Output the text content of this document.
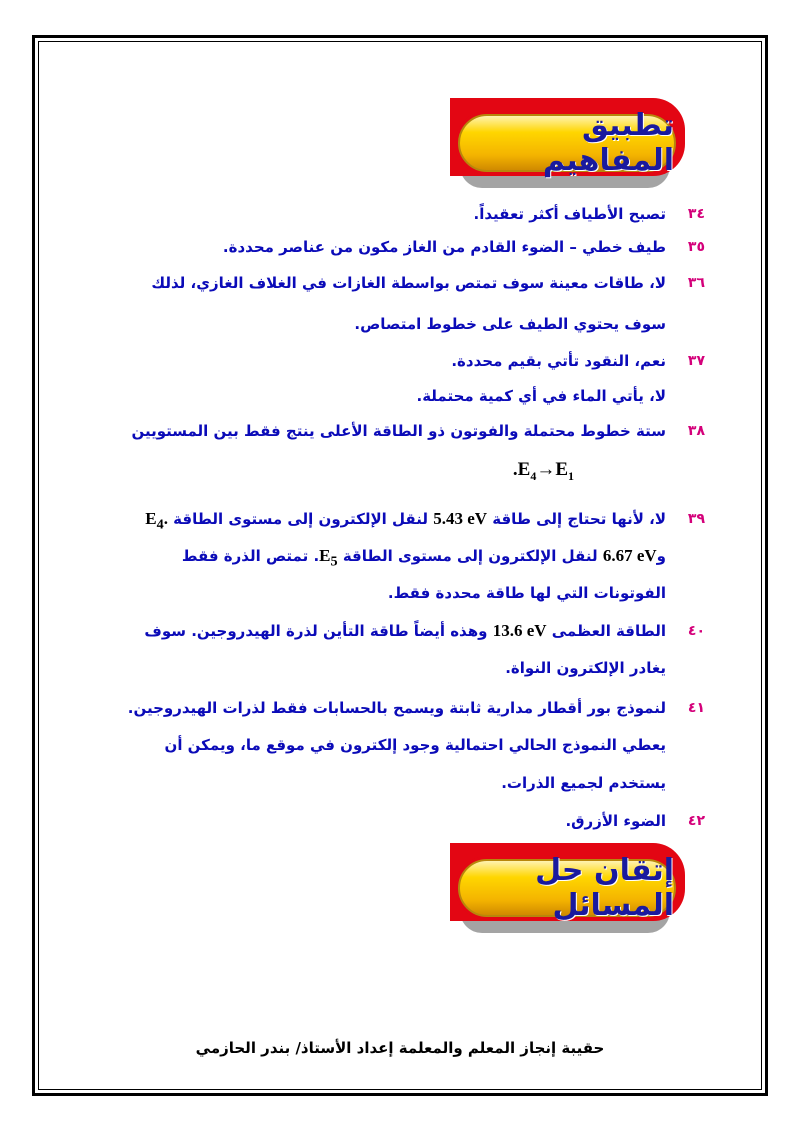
تطبيق المفاهيم
٣٤
تصبح الأطياف أكثر تعقيداً.
٣٥
طيف خطي – الضوء القادم من الغاز مكون من عناصر محددة.
٣٦
لا، طاقات معينة سوف تمتص بواسطة الغازات في الغلاف الغازي، لذلك
سوف يحتوي الطيف على خطوط امتصاص.
٣٧
نعم، النقود تأتي بقيم محددة.
لا، يأتي الماء في أي كمية محتملة.
٣٨
ستة خطوط محتملة والفوتون ذو الطاقة الأعلى ينتج فقط بين المستويين
$.E_4\to E_1$
٣٩
لا، لأنها تحتاج إلى طاقة 5.43 eV لنقل الإلكترون إلى مستوى الطاقة $E_4$.
و6.67 eV لنقل الإلكترون إلى مستوى الطاقة $E_5$. تمتص الذرة فقط
الفوتونات التي لها طاقة محددة فقط.
٤٠
الطاقة العظمى 13.6 eV وهذه أيضاً طاقة التأين لذرة الهيدروجين. سوف
يغادر الإلكترون النواة.
٤١
لنموذج بور أقطار مدارية ثابتة ويسمح بالحسابات فقط لذرات الهيدروجين.
يعطي النموذج الحالي احتمالية وجود إلكترون في موقع ما، ويمكن أن
يستخدم لجميع الذرات.
٤٢
الضوء الأزرق.
إتقان حل المسائل
حقيبة إنجاز المعلم والمعلمة إعداد الأستاذ/ بندر الحازمي
